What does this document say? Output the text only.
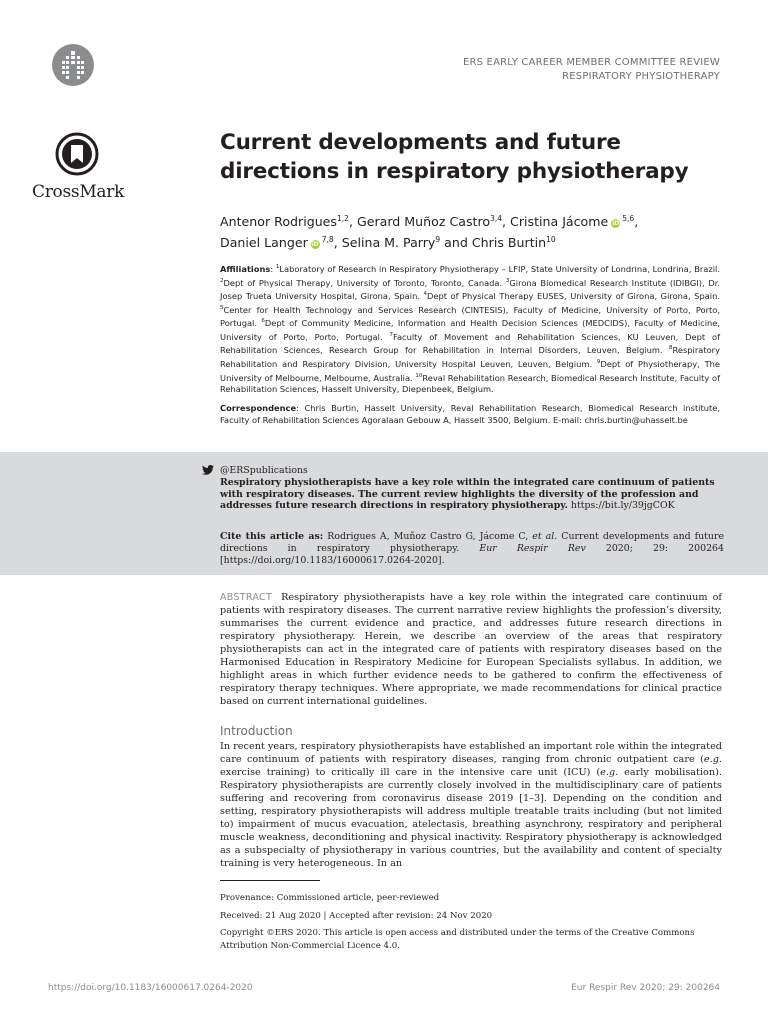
CrossMark
ERS EARLY CAREER MEMBER COMMITTEE REVIEW
RESPIRATORY PHYSIOTHERAPY
Current developments and future directions in respiratory physiotherapy
Antenor Rodrigues$^{1,2}$, Gerard Muñoz Castro$^{3,4}$, Cristina Jácome iD$^{5,6}$,
Daniel Langer iD$^{7,8}$, Selina M. Parry$^9$ and Chris Burtin$^{10}$
Affiliations: $^1$Laboratory of Research in Respiratory Physiotherapy – LFIP, State University of Londrina, Londrina, Brazil. $^2$Dept of Physical Therapy, University of Toronto, Toronto, Canada. $^3$Girona Biomedical Research Institute (IDIBGI), Dr. Josep Trueta University Hospital, Girona, Spain. $^4$Dept of Physical Therapy EUSES, University of Girona, Girona, Spain. $^5$Center for Health Technology and Services Research (CINTESIS), Faculty of Medicine, University of Porto, Porto, Portugal. $^6$Dept of Community Medicine, Information and Health Decision Sciences (MEDCIDS), Faculty of Medicine, University of Porto, Porto, Portugal. $^7$Faculty of Movement and Rehabilitation Sciences, KU Leuven, Dept of Rehabilitation Sciences, Research Group for Rehabilitation in Internal Disorders, Leuven, Belgium. $^8$Respiratory Rehabilitation and Respiratory Division, University Hospital Leuven, Leuven, Belgium. $^9$Dept of Physiotherapy, The University of Melbourne, Melbourne, Australia. $^{10}$Reval Rehabilitation Research, Biomedical Research Institute, Faculty of Rehabilitation Sciences, Hasselt University, Diepenbeek, Belgium.
Correspondence: Chris Burtin, Hasselt University, Reval Rehabilitation Research, Biomedical Research institute, Faculty of Rehabilitation Sciences Agoralaan Gebouw A, Hasselt 3500, Belgium. E-mail: chris.burtin@uhasselt.be
@ERSpublications
Respiratory physiotherapists have a key role within the integrated care continuum of patients with respiratory diseases. The current review highlights the diversity of the profession and addresses future research directions in respiratory physiotherapy. https://bit.ly/39jgCOK
Cite this article as: Rodrigues A, Muñoz Castro G, Jácome C, et al. Current developments and future directions in respiratory physiotherapy. Eur Respir Rev 2020; 29: 200264 [https://doi.org/10.1183/16000617.0264-2020].
ABSTRACT Respiratory physiotherapists have a key role within the integrated care continuum of patients with respiratory diseases. The current narrative review highlights the profession’s diversity, summarises the current evidence and practice, and addresses future research directions in respiratory physiotherapy. Herein, we describe an overview of the areas that respiratory physiotherapists can act in the integrated care of patients with respiratory diseases based on the Harmonised Education in Respiratory Medicine for European Specialists syllabus. In addition, we highlight areas in which further evidence needs to be gathered to confirm the effectiveness of respiratory therapy techniques. Where appropriate, we made recommendations for clinical practice based on current international guidelines.
Introduction
In recent years, respiratory physiotherapists have established an important role within the integrated care continuum of patients with respiratory diseases, ranging from chronic outpatient care (e.g. exercise training) to critically ill care in the intensive care unit (ICU) (e.g. early mobilisation). Respiratory physiotherapists are currently closely involved in the multidisciplinary care of patients suffering and recovering from coronavirus disease 2019 [1–3]. Depending on the condition and setting, respiratory physiotherapists will address multiple treatable traits including (but not limited to) impairment of mucus evacuation, atelectasis, breathing asynchrony, respiratory and peripheral muscle weakness, deconditioning and physical inactivity. Respiratory physiotherapy is acknowledged as a subspecialty of physiotherapy in various countries, but the availability and content of specialty training is very heterogeneous. In an
Provenance: Commissioned article, peer-reviewed
Received: 21 Aug 2020 | Accepted after revision: 24 Nov 2020
Copyright ©ERS 2020. This article is open access and distributed under the terms of the Creative Commons Attribution Non-Commercial Licence 4.0.
https://doi.org/10.1183/16000617.0264-2020	Eur Respir Rev 2020; 29: 200264
